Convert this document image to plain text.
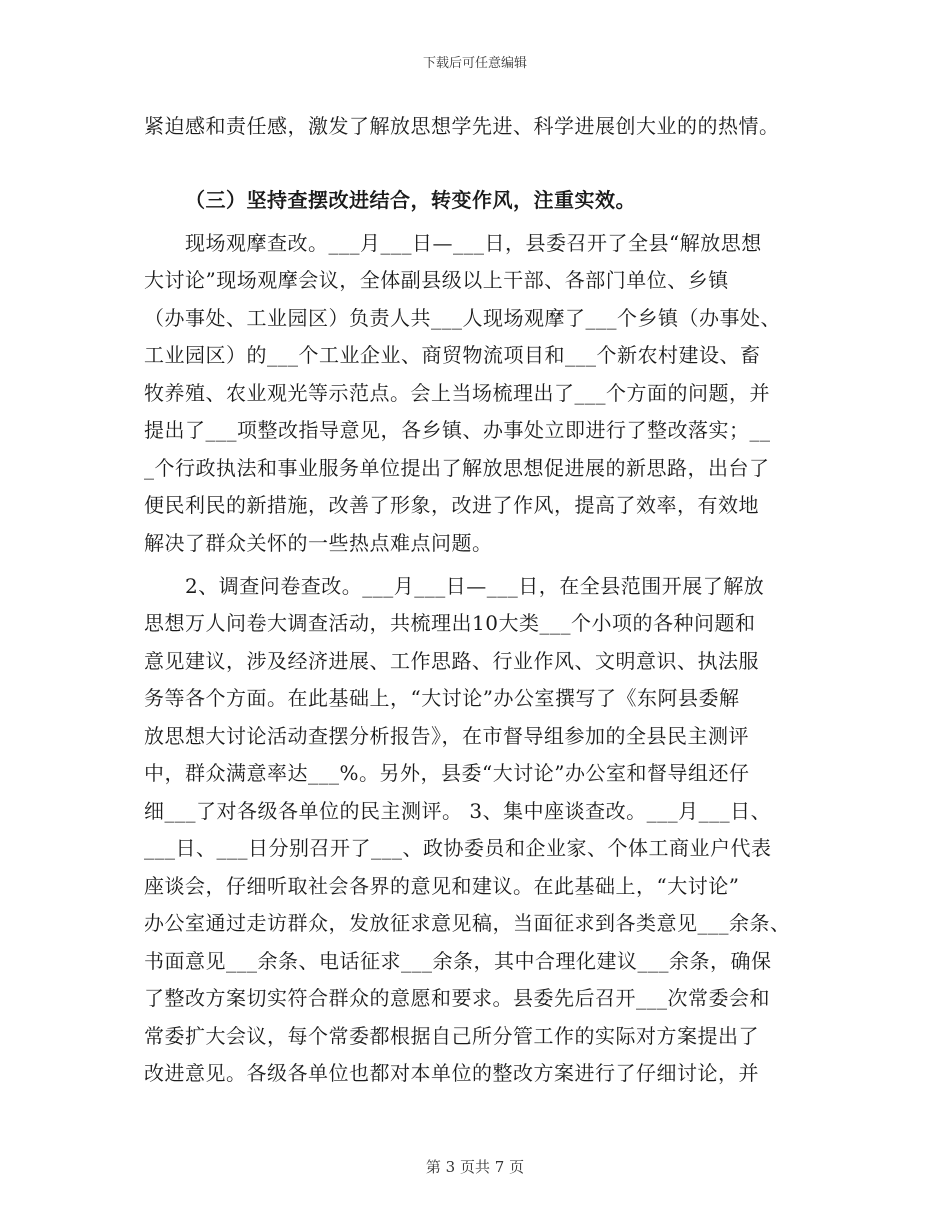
下载后可任意编辑
紧迫感和责任感，激发了解放思想学先进、科学进展创大业的的热情。
（三）坚持查摆改进结合，转变作风，注重实效。
现场观摩查改。___月___日—___日，县委召开了全县“解放思想
大讨论”现场观摩会议，全体副县级以上干部、各部门单位、乡镇
（办事处、工业园区）负责人共___人现场观摩了___个乡镇（办事处、
工业园区）的___个工业企业、商贸物流项目和___个新农村建设、畜
牧养殖、农业观光等示范点。会上当场梳理出了___个方面的问题，并
提出了___项整改指导意见，各乡镇、办事处立即进行了整改落实；__
_个行政执法和事业服务单位提出了解放思想促进展的新思路，出台了
便民利民的新措施，改善了形象，改进了作风，提高了效率，有效地
解决了群众关怀的一些热点难点问题。
2、调查问卷查改。___月___日—___日，在全县范围开展了解放
思想万人问卷大调查活动，共梳理出10大类___个小项的各种问题和
意见建议，涉及经济进展、工作思路、行业作风、文明意识、执法服
务等各个方面。在此基础上，“大讨论”办公室撰写了《东阿县委解
放思想大讨论活动查摆分析报告》，在市督导组参加的全县民主测评
中，群众满意率达___%。另外，县委“大讨论”办公室和督导组还仔
细___了对各级各单位的民主测评。 3、集中座谈查改。___月___日、
___日、___日分别召开了___、政协委员和企业家、个体工商业户代表
座谈会，仔细听取社会各界的意见和建议。在此基础上，“大讨论”
办公室通过走访群众，发放征求意见稿，当面征求到各类意见___余条、
书面意见___余条、电话征求___余条，其中合理化建议___余条，确保
了整改方案切实符合群众的意愿和要求。县委先后召开___次常委会和
常委扩大会议，每个常委都根据自己所分管工作的实际对方案提出了
改进意见。各级各单位也都对本单位的整改方案进行了仔细讨论，并
第 3 页共 7 页
